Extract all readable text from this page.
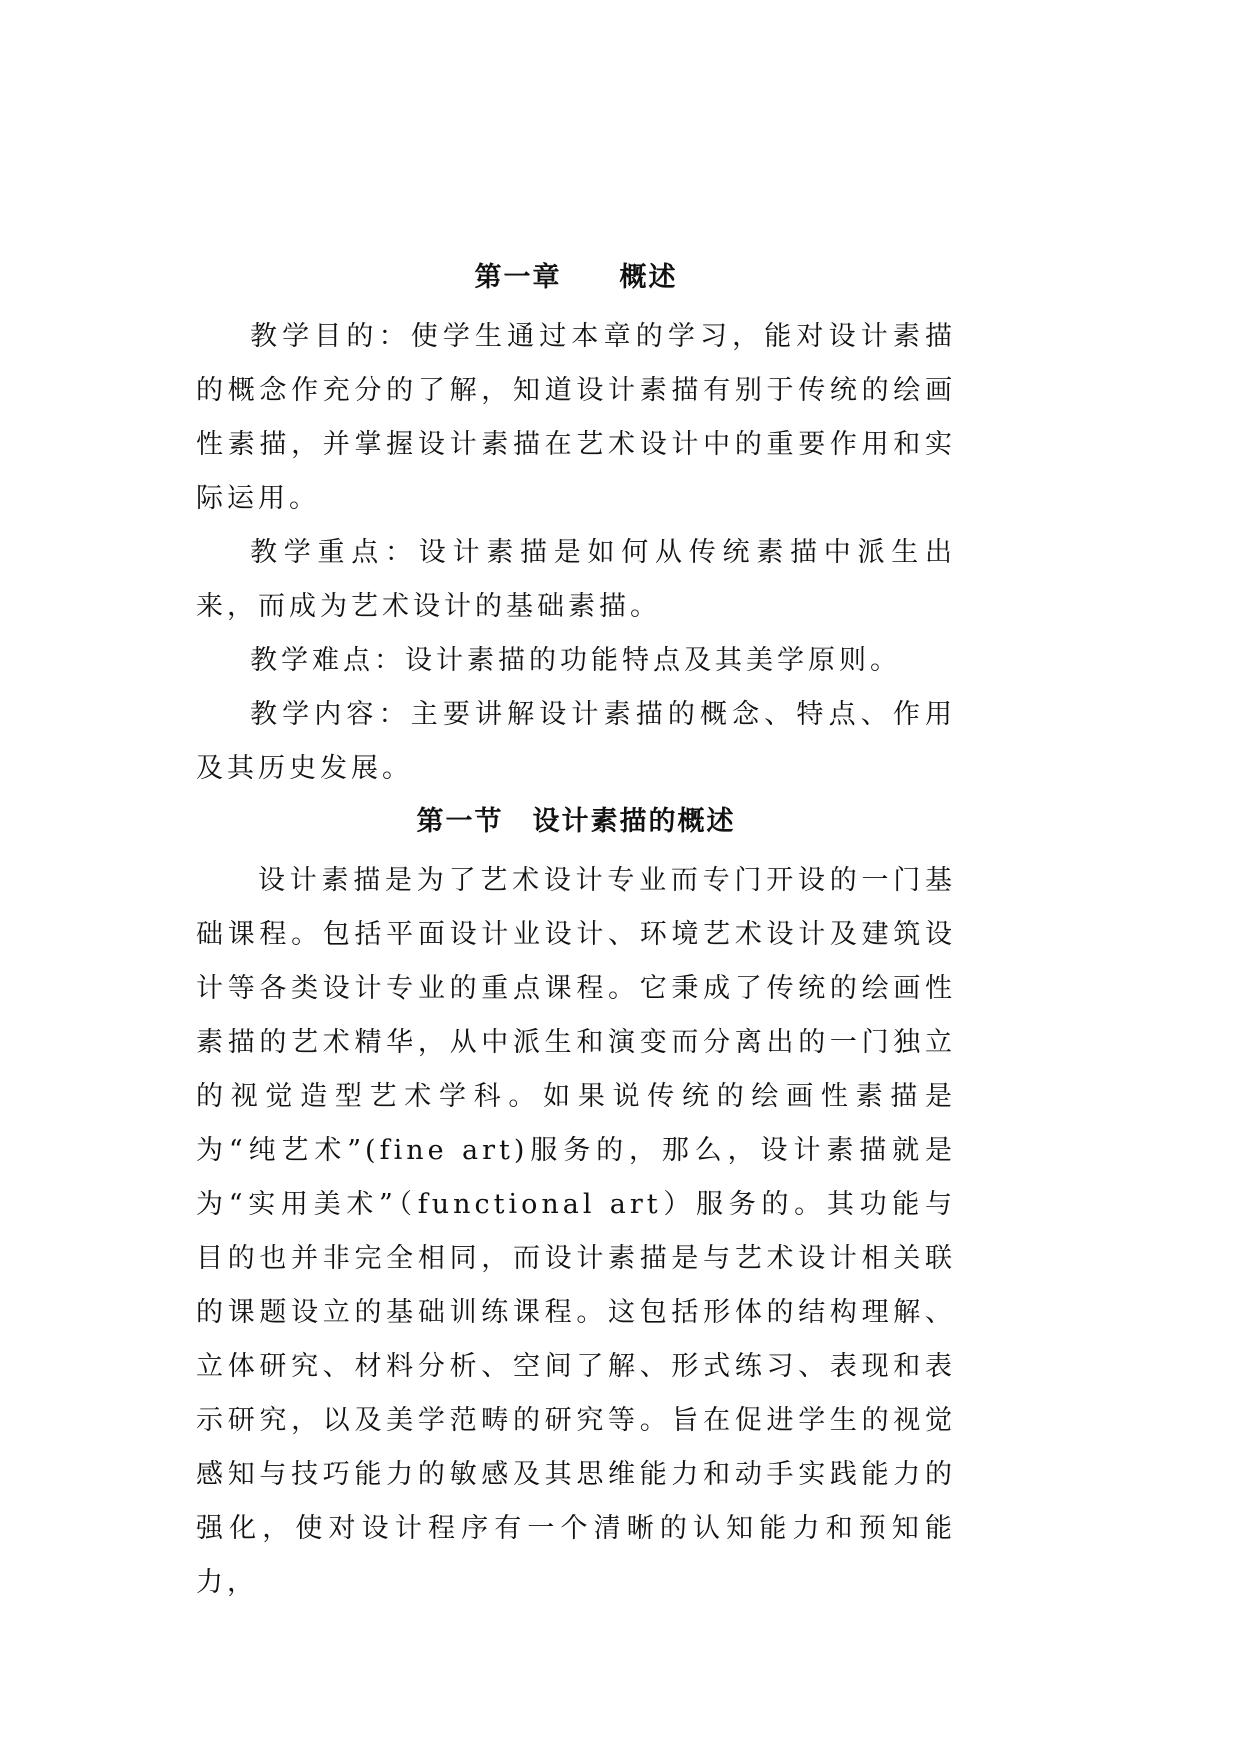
第一章　　概述

教学目的：使学生通过本章的学习，能对设计素描的概念作充分的了解，知道设计素描有别于传统的绘画性素描，并掌握设计素描在艺术设计中的重要作用和实际运用。

教学重点：设计素描是如何从传统素描中派生出来，而成为艺术设计的基础素描。

教学难点：设计素描的功能特点及其美学原则。

教学内容：主要讲解设计素描的概念、特点、作用及其历史发展。

第一节　设计素描的概述

设计素描是为了艺术设计专业而专门开设的一门基础课程。包括平面设计业设计、环境艺术设计及建筑设计等各类设计专业的重点课程。它秉成了传统的绘画性素描的艺术精华，从中派生和演变而分离出的一门独立的视觉造型艺术学科。如果说传统的绘画性素描是为“纯艺术”(fine art)服务的，那么，设计素描就是为“实用美术”（functional art）服务的。其功能与目的也并非完全相同，而设计素描是与艺术设计相关联的课题设立的基础训练课程。这包括形体的结构理解、立体研究、材料分析、空间了解、形式练习、表现和表示研究，以及美学范畴的研究等。旨在促进学生的视觉感知与技巧能力的敏感及其思维能力和动手实践能力的强化，使对设计程序有一个清晰的认知能力和预知能力，
